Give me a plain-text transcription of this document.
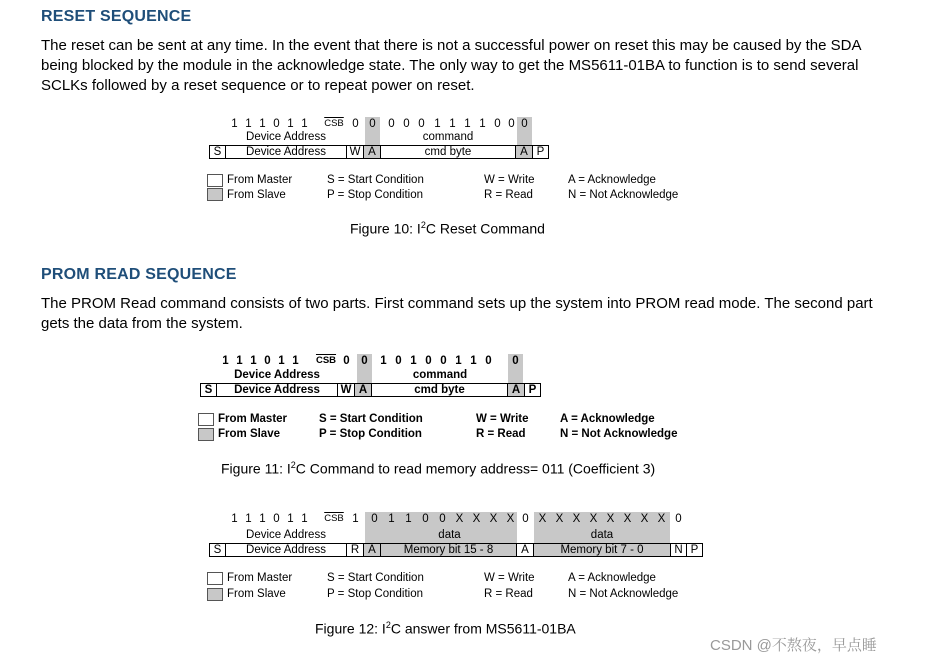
RESET SEQUENCE
The reset can be sent at any time. In the event that there is not a successful power on reset this may be caused by the SDA being blocked by the module in the acknowledge state. The only way to get the MS5611-01BA to function is to send several SCLKs followed by a reset sequence or to repeat power on reset.
1 1 1 0 1 1 $\overline{CSB}$ 0 0 0 0 0 1 1 1 1 0 0 0
Device Address	command
S	Device Address	W A	cmd byte	A P
From Master
From Slave
S = Start Condition
P = Stop Condition
W = Write
R = Read
A = Acknowledge
N = Not Acknowledge
Figure 10: $I^2C$ Reset Command
PROM READ SEQUENCE
The PROM Read command consists of two parts. First command sets up the system into PROM read mode. The second part gets the data from the system.
1 1 1 0 1 1 $\overline{CSB}$ 0 0 1 0 1 0 0 1 1 0 0
Device Address	command
S	Device Address	W A	cmd byte	A P
From Master
From Slave
S = Start Condition
P = Stop Condition
W = Write
R = Read
A = Acknowledge
N = Not Acknowledge
Figure 11: $I^2C$ Command to read memory address= 011 (Coefficient 3)
1 1 1 0 1 1 $\overline{CSB}$ 1 0 1 1 0 0 X X X X 0 X X X X X X X X 0
Device Address	data	data
S	Device Address	R A	Memory bit 15 - 8	A	Memory bit 7 - 0	N P
From Master
From Slave
S = Start Condition
P = Stop Condition
W = Write
R = Read
A = Acknowledge
N = Not Acknowledge
Figure 12: $I^2C$ answer from MS5611-01BA
CSDN @不熬夜，早点睡
